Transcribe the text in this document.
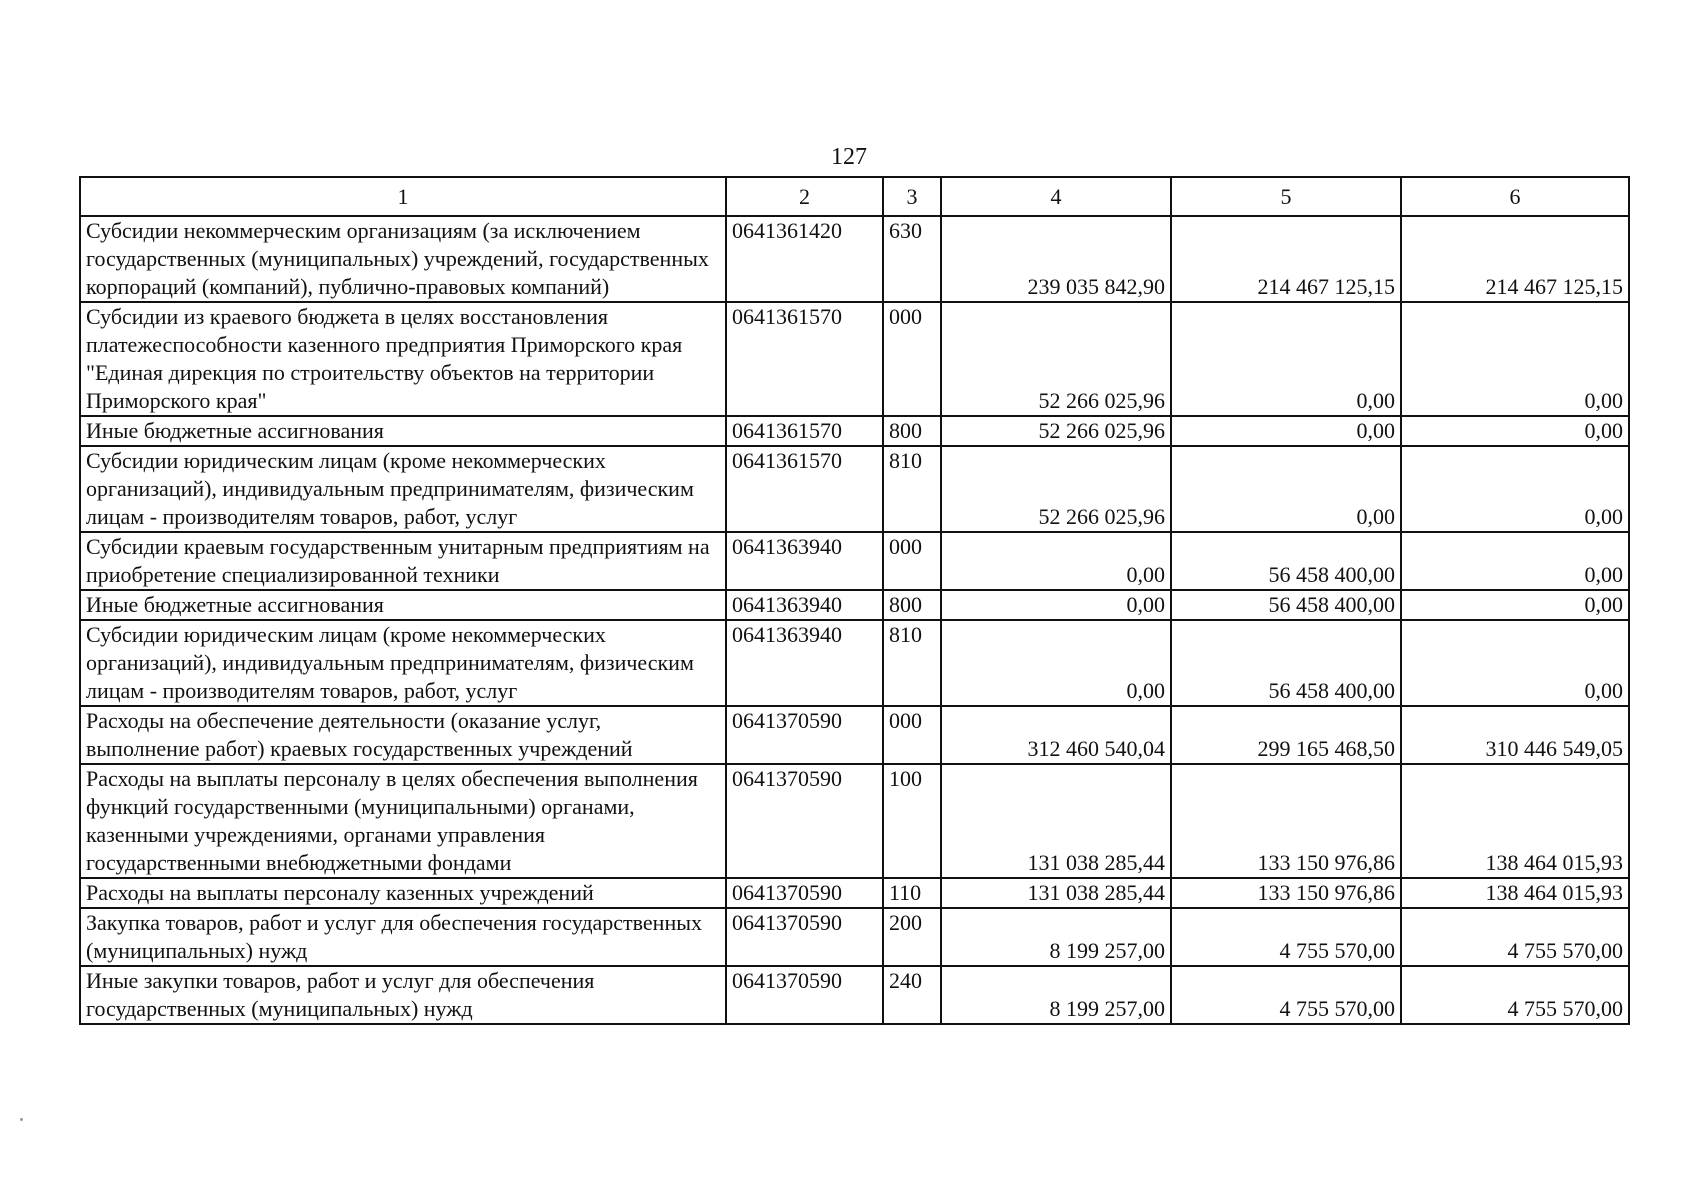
127
1	2	3	4	5	6
Субсидии некоммерческим организациям (за исключением государственных (муниципальных) учреждений, государственных корпораций (компаний), публично-правовых компаний)	0641361420	630	239 035 842,90	214 467 125,15	214 467 125,15
Субсидии из краевого бюджета в целях восстановления платежеспособности казенного предприятия Приморского края "Единая дирекция по строительству объектов на территории Приморского края"	0641361570	000	52 266 025,96	0,00	0,00
Иные бюджетные ассигнования	0641361570	800	52 266 025,96	0,00	0,00
Субсидии юридическим лицам (кроме некоммерческих организаций), индивидуальным предпринимателям, физическим лицам - производителям товаров, работ, услуг	0641361570	810	52 266 025,96	0,00	0,00
Субсидии краевым государственным унитарным предприятиям на приобретение специализированной техники	0641363940	000	0,00	56 458 400,00	0,00
Иные бюджетные ассигнования	0641363940	800	0,00	56 458 400,00	0,00
Субсидии юридическим лицам (кроме некоммерческих организаций), индивидуальным предпринимателям, физическим лицам - производителям товаров, работ, услуг	0641363940	810	0,00	56 458 400,00	0,00
Расходы на обеспечение деятельности (оказание услуг, выполнение работ) краевых государственных учреждений	0641370590	000	312 460 540,04	299 165 468,50	310 446 549,05
Расходы на выплаты персоналу в целях обеспечения выполнения функций государственными (муниципальными) органами, казенными учреждениями, органами управления государственными внебюджетными фондами	0641370590	100	131 038 285,44	133 150 976,86	138 464 015,93
Расходы на выплаты персоналу казенных учреждений	0641370590	110	131 038 285,44	133 150 976,86	138 464 015,93
Закупка товаров, работ и услуг для обеспечения государственных (муниципальных) нужд	0641370590	200	8 199 257,00	4 755 570,00	4 755 570,00
Иные закупки товаров, работ и услуг для обеспечения государственных (муниципальных) нужд	0641370590	240	8 199 257,00	4 755 570,00	4 755 570,00
